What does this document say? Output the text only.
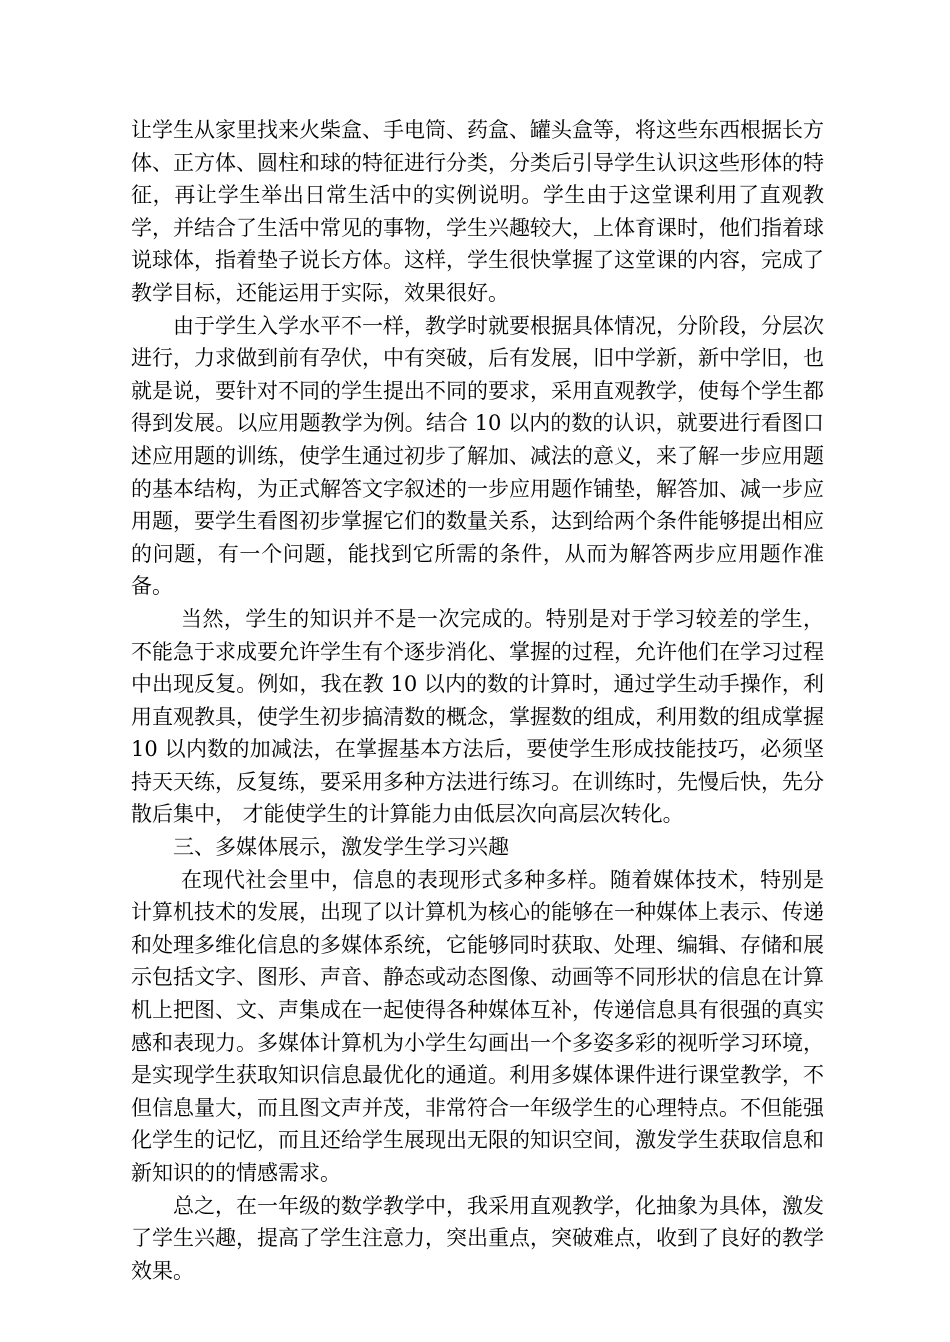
让学生从家里找来火柴盒、手电筒、药盒、罐头盒等，将这些东西根据长方体、正方体、圆柱和球的特征进行分类，分类后引导学生认识这些形体的特征，再让学生举出日常生活中的实例说明。学生由于这堂课利用了直观教学，并结合了生活中常见的事物，学生兴趣较大，上体育课时，他们指着球说球体，指着垫子说长方体。这样，学生很快掌握了这堂课的内容，完成了教学目标，还能运用于实际，效果很好。

由于学生入学水平不一样，教学时就要根据具体情况，分阶段，分层次进行，力求做到前有孕伏，中有突破，后有发展，旧中学新，新中学旧，也就是说，要针对不同的学生提出不同的要求，采用直观教学，使每个学生都得到发展。以应用题教学为例。结合 10 以内的数的认识，就要进行看图口述应用题的训练，使学生通过初步了解加、减法的意义，来了解一步应用题的基本结构，为正式解答文字叙述的一步应用题作铺垫，解答加、减一步应用题，要学生看图初步掌握它们的数量关系，达到给两个条件能够提出相应的问题，有一个问题，能找到它所需的条件，从而为解答两步应用题作准备。

当然，学生的知识并不是一次完成的。特别是对于学习较差的学生，不能急于求成要允许学生有个逐步消化、掌握的过程，允许他们在学习过程中出现反复。例如，我在教 10 以内的数的计算时，通过学生动手操作，利用直观教具，使学生初步搞清数的概念，掌握数的组成，利用数的组成掌握 10 以内数的加减法，在掌握基本方法后，要使学生形成技能技巧，必须坚持天天练，反复练，要采用多种方法进行练习。在训练时，先慢后快，先分散后集中， 才能使学生的计算能力由低层次向高层次转化。

三、多媒体展示，激发学生学习兴趣

在现代社会里中，信息的表现形式多种多样。随着媒体技术，特别是计算机技术的发展，出现了以计算机为核心的能够在一种媒体上表示、传递和处理多维化信息的多媒体系统，它能够同时获取、处理、编辑、存储和展示包括文字、图形、声音、静态或动态图像、动画等不同形状的信息在计算机上把图、文、声集成在一起使得各种媒体互补，传递信息具有很强的真实感和表现力。多媒体计算机为小学生勾画出一个多姿多彩的视听学习环境，是实现学生获取知识信息最优化的通道。利用多媒体课件进行课堂教学，不但信息量大，而且图文声并茂，非常符合一年级学生的心理特点。不但能强化学生的记忆，而且还给学生展现出无限的知识空间，激发学生获取信息和新知识的的情感需求。

总之，在一年级的数学教学中，我采用直观教学，化抽象为具体，激发了学生兴趣，提高了学生注意力，突出重点，突破难点，收到了良好的教学效果。
